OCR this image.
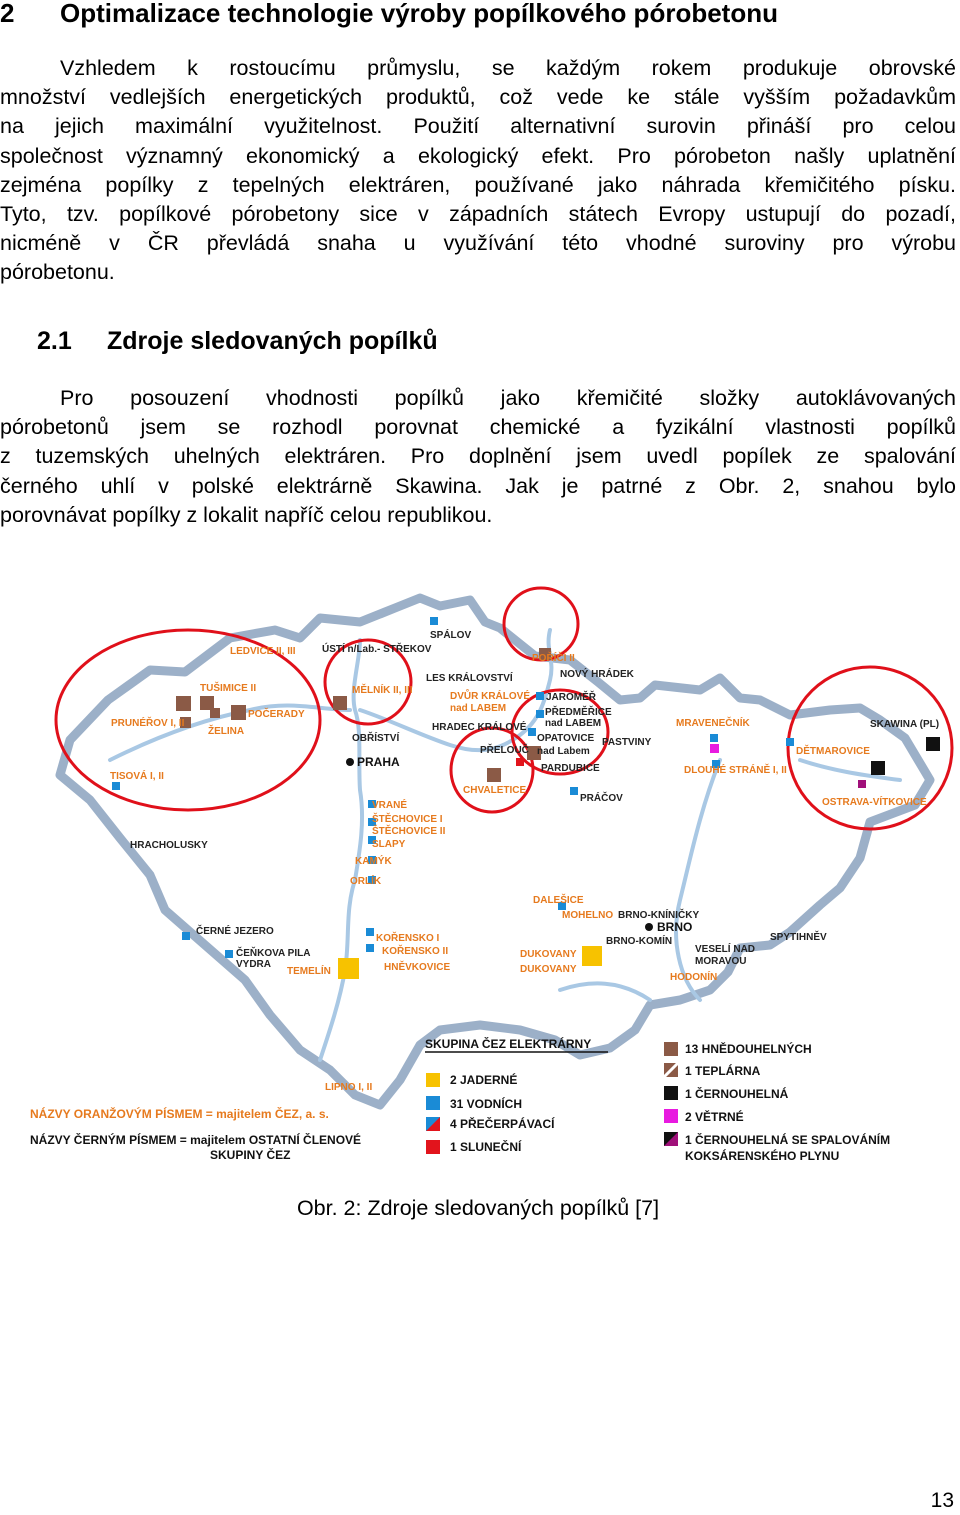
2 Optimalizace technologie výroby popílkového pórobetonu
Vzhledem k rostoucímu průmyslu, se každým rokem produkuje obrovské
množství vedlejších energetických produktů, což vede ke stále vyšším požadavkům
na jejich maximální využitelnost. Použití alternativní surovin přináší pro celou
společnost významný ekonomický a ekologický efekt. Pro pórobeton našly uplatnění
zejména popílky z tepelných elektráren, používané jako náhrada křemičitého písku.
Tyto, tzv. popílkové pórobetony sice v západních státech Evropy ustupují do pozadí,
nicméně v ČR převládá snaha u využívání této vhodné suroviny pro výrobu
pórobetonu.
2.1 Zdroje sledovaných popílků
Pro posouzení vhodnosti popílků jako křemičité složky autoklávovaných
pórobetonů jsem se rozhodl porovnat chemické a fyzikální vlastnosti popílků
z tuzemských uhelných elektráren. Pro doplnění jsem uvedl popílek ze spalování
černého uhlí v polské elektrárně Skawina. Jak je patrné z Obr. 2, snahou bylo
porovnávat popílky z lokalit napříč celou republikou.
LEDVICE II, III	ÚSTÍ n/Lab.- STŘEKOV
SPÁLOV
POŘÍČÍ II
TUŠIMICE II	MĚLNÍK II, III
LES KRÁLOVSTVÍ	NOVÝ HRÁDEK
PRUNÉŘOV I, II
POČERADY
ŽELINA
DVŮR KRÁLOVÉ
nad LABEM
JAROMĚŘ
PŘEDMĚŘICE
nad LABEM
HRADEC KRÁLOVÉ	MRAVENEČNÍK	SKAWINA (PL)
OBŘÍSTVÍ	OPATOVICE
nad Labem
PASTVINY
PŘELOUČ
PARDUBICE
DĚTMAROVICE
TISOVÁ I, II
PRAHA
DLOUHÉ STRÁNĚ I, II
CHVALETICE
PRÁČOV	OSTRAVA-VÍTKOVICE
VRANÉ
ŠTĚCHOVICE I
ŠTĚCHOVICE II
HRACHOLUSKY	SLAPY
KAMÝK
ORLÍK
DALEŠICE
MOHELNO BRNO-KNÍNIČKY
BRNO
BRNO-KOMÍN
ČERNÉ JEZERO
KOŘENSKO I
KOŘENSKO II
SPYTIHNĚV
ČEŇKOVA PILA
VYDRA	HNĚVKOVICE
DUKOVANY
DUKOVANY
VESELÍ NAD
MORAVOU
TEMELÍN
HODONÍN
LIPNO I, II
SKUPINA ČEZ ELEKTRÁRNY
2 JADERNÉ
31 VODNÍCH
4 PŘEČERPÁVACÍ
1 SLUNEČNÍ
13 HNĚDOUHELNÝCH
1 TEPLÁRNA
1 ČERNOUHELNÁ
2 VĚTRNÉ
1 ČERNOUHELNÁ SE SPALOVÁNÍM
KOKSÁRENSKÉHO PLYNU
NÁZVY ORANŽOVÝM PÍSMEM = majitelem ČEZ, a. s.
NÁZVY ČERNÝM PÍSMEM = majitelem OSTATNÍ ČLENOVÉ
SKUPINY ČEZ
Obr. 2: Zdroje sledovaných popílků [7]
13
